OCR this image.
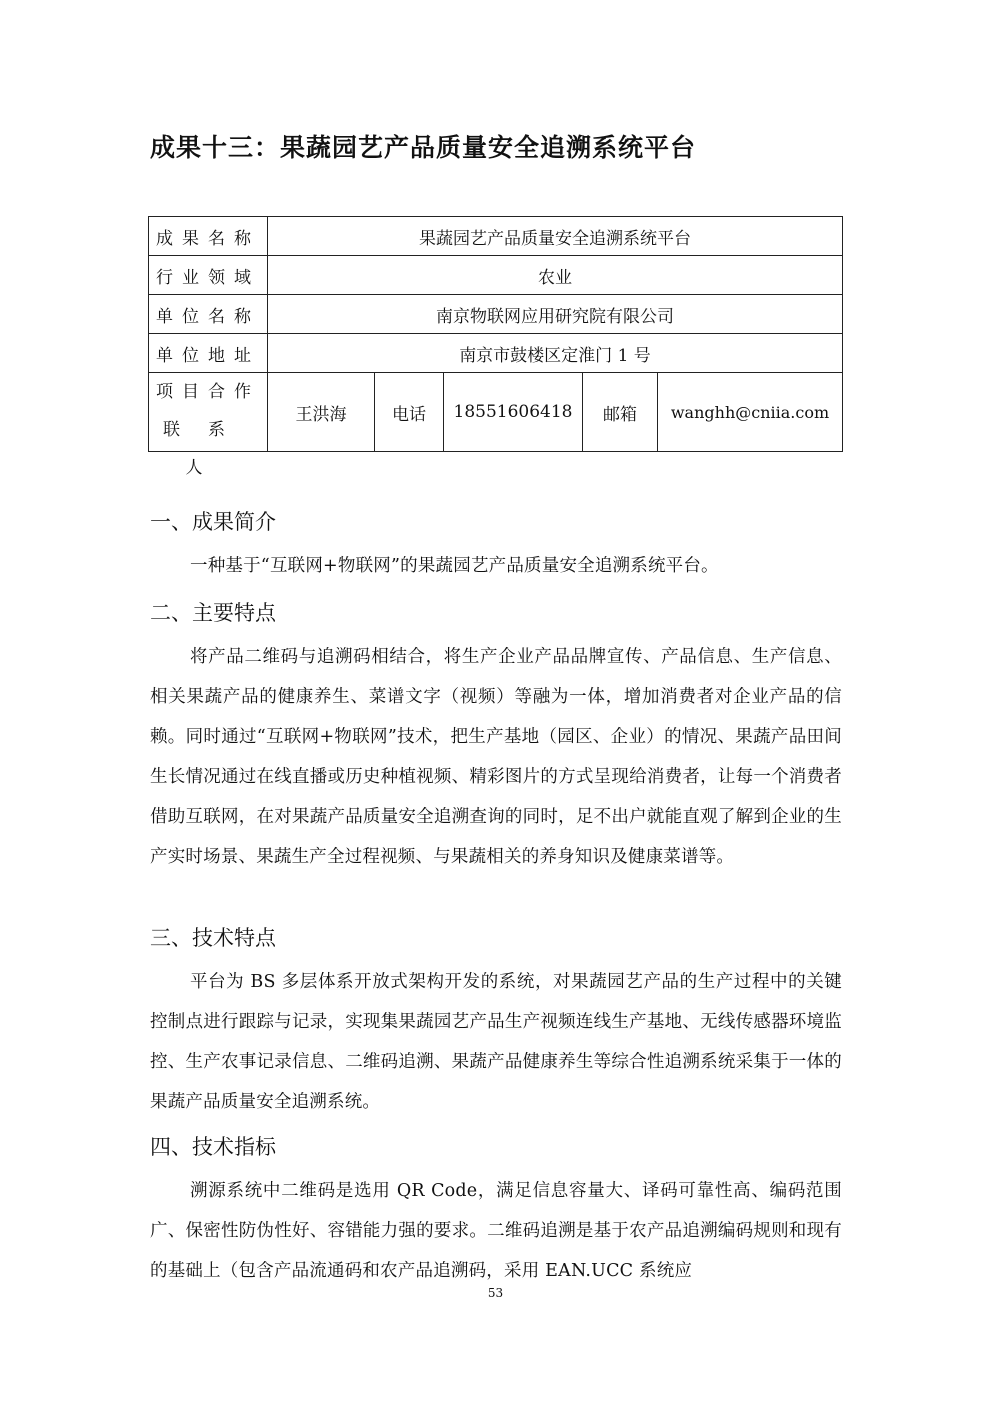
成果十三：果蔬园艺产品质量安全追溯系统平台
成果名称	果蔬园艺产品质量安全追溯系统平台				
行业领域	农业				
单位名称	南京物联网应用研究院有限公司				
单位地址	南京市鼓楼区定淮门 1 号				

项目合作
联系人	王洪海	电话	18551606418	邮箱	wanghh@cniia.com
一、成果简介

一种基于“互联网+物联网”的果蔬园艺产品质量安全追溯系统平台。

二、主要特点

将产品二维码与追溯码相结合，将生产企业产品品牌宣传、产品信息、生产信息、相关果蔬产品的健康养生、菜谱文字（视频）等融为一体，增加消费者对企业产品的信赖。同时通过“互联网+物联网”技术，把生产基地（园区、企业）的情况、果蔬产品田间生长情况通过在线直播或历史种植视频、精彩图片的方式呈现给消费者，让每一个消费者借助互联网，在对果蔬产品质量安全追溯查询的同时，足不出户就能直观了解到企业的生产实时场景、果蔬生产全过程视频、与果蔬相关的养身知识及健康菜谱等。

三、技术特点

平台为 BS 多层体系开放式架构开发的系统，对果蔬园艺产品的生产过程中的关键控制点进行跟踪与记录，实现集果蔬园艺产品生产视频连线生产基地、无线传感器环境监控、生产农事记录信息、二维码追溯、果蔬产品健康养生等综合性追溯系统采集于一体的果蔬产品质量安全追溯系统。

四、技术指标

溯源系统中二维码是选用 QR Code，满足信息容量大、译码可靠性高、编码范围广、保密性防伪性好、容错能力强的要求。二维码追溯是基于农产品追溯编码规则和现有的基础上（包含产品流通码和农产品追溯码，采用 EAN.UCC 系统应

53
